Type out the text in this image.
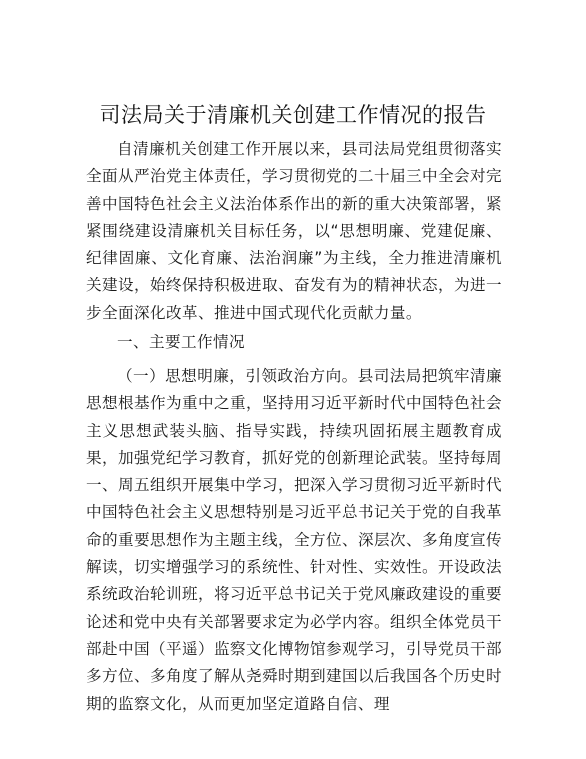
司法局关于清廉机关创建工作情况的报告

自清廉机关创建工作开展以来，县司法局党组贯彻落实全面从严治党主体责任，学习贯彻党的二十届三中全会对完善中国特色社会主义法治体系作出的新的重大决策部署，紧紧围绕建设清廉机关目标任务，以“思想明廉、党建促廉、纪律固廉、文化育廉、法治润廉”为主线，全力推进清廉机关建设，始终保持积极进取、奋发有为的精神状态，为进一步全面深化改革、推进中国式现代化贡献力量。

一、主要工作情况

（一）思想明廉，引领政治方向。县司法局把筑牢清廉思想根基作为重中之重，坚持用习近平新时代中国特色社会主义思想武装头脑、指导实践，持续巩固拓展主题教育成果，加强党纪学习教育，抓好党的创新理论武装。坚持每周一、周五组织开展集中学习，把深入学习贯彻习近平新时代中国特色社会主义思想特别是习近平总书记关于党的自我革命的重要思想作为主题主线，全方位、深层次、多角度宣传解读，切实增强学习的系统性、针对性、实效性。开设政法系统政治轮训班，将习近平总书记关于党风廉政建设的重要论述和党中央有关部署要求定为必学内容。组织全体党员干部赴中国（平遥）监察文化博物馆参观学习，引导党员干部多方位、多角度了解从尧舜时期到建国以后我国各个历史时期的监察文化，从而更加坚定道路自信、理
